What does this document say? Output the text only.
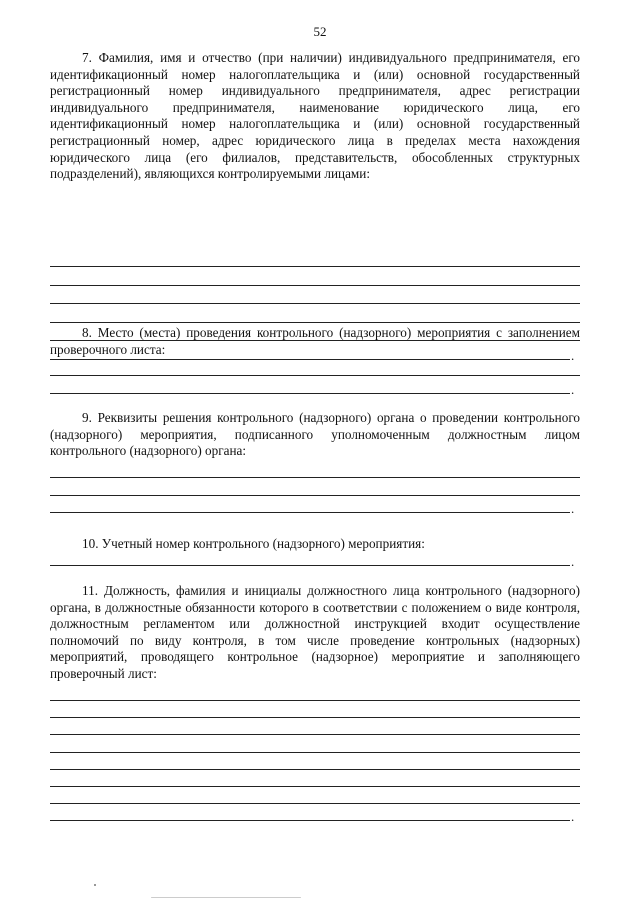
52

7. Фамилия, имя и отчество (при наличии) индивидуального предпринимателя, его идентификационный номер налогоплательщика и (или) основной государственный регистрационный номер индивидуального предпринимателя, адрес регистрации индивидуального предпринимателя, наименование юридического лица, его идентификационный номер налогоплательщика и (или) основной государственный регистрационный номер, адрес юридического лица в пределах места нахождения юридического лица (его филиалов, представительств, обособленных структурных подразделений), являющихся контролируемыми лицами:

.

8. Место (места) проведения контрольного (надзорного) мероприятия с заполнением проверочного листа:

.

9. Реквизиты решения контрольного (надзорного) органа о проведении контрольного (надзорного) мероприятия, подписанного уполномоченным должностным лицом контрольного (надзорного) органа:

.

10. Учетный номер контрольного (надзорного) мероприятия:

.

11. Должность, фамилия и инициалы должностного лица контрольного (надзорного) органа, в должностные обязанности которого в соответствии с положением о виде контроля, должностным регламентом или должностной инструкцией входит осуществление полномочий по виду контроля, в том числе проведение контрольных (надзорных) мероприятий, проводящего контрольное (надзорное) мероприятие и заполняющего проверочный лист:

.
